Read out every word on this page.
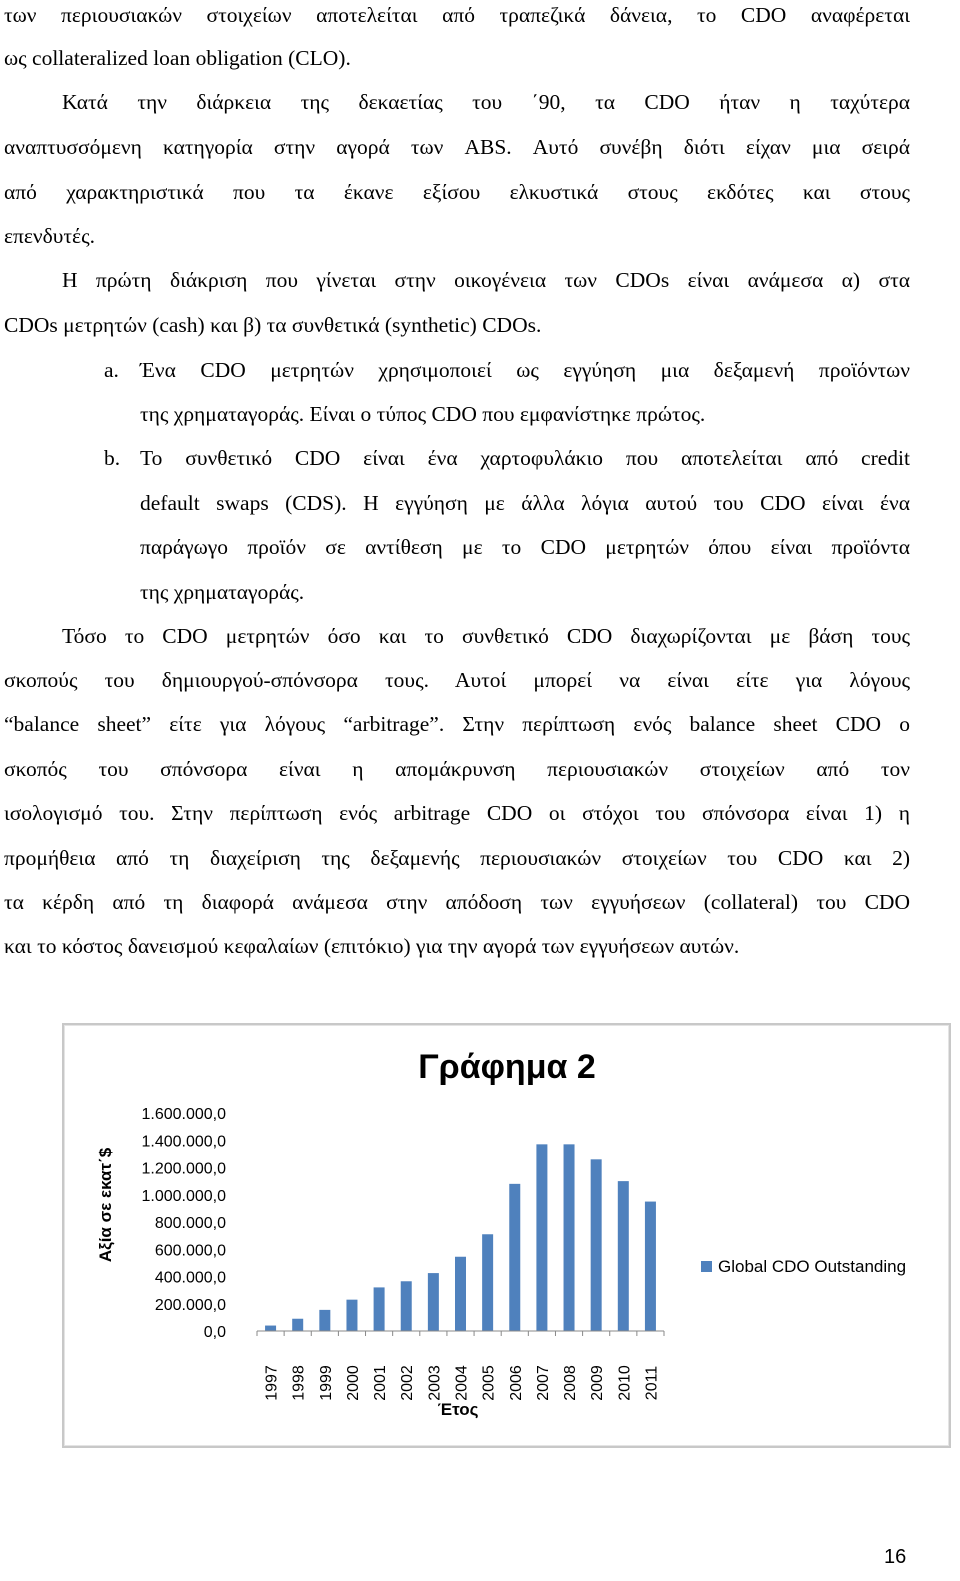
των περιουσιακών στοιχείων αποτελείται από τραπεζικά δάνεια, το CDO αναφέρεται
ως collateralized loan obligation (CLO).
Κατά την διάρκεια της δεκαετίας του ΄90, τα CDO ήταν η ταχύτερα
αναπτυσσόμενη κατηγορία στην αγορά των ABS. Αυτό συνέβη διότι είχαν μια σειρά
από χαρακτηριστικά που τα έκανε εξίσου ελκυστικά στους εκδότες και στους
επενδυτές.
Η πρώτη διάκριση που γίνεται στην οικογένεια των CDOs είναι ανάμεσα α) στα
CDOs μετρητών (cash) και β) τα συνθετικά (synthetic) CDOs.
a. Ένα CDO μετρητών χρησιμοποιεί ως εγγύηση μια δεξαμενή προϊόντων
της χρηματαγοράς. Είναι ο τύπος CDO που εμφανίστηκε πρώτος.
b. Το συνθετικό CDO είναι ένα χαρτοφυλάκιο που αποτελείται από credit
default swaps (CDS). Η εγγύηση με άλλα λόγια αυτού του CDO είναι ένα
παράγωγο προϊόν σε αντίθεση με το CDO μετρητών όπου είναι προϊόντα
της χρηματαγοράς.
Τόσο το CDO μετρητών όσο και το συνθετικό CDO διαχωρίζονται με βάση τους
σκοπούς του δημιουργού-σπόνσορα τους. Αυτοί μπορεί να είναι είτε για λόγους
“balance sheet” είτε για λόγους “arbitrage”. Στην περίπτωση ενός balance sheet CDO ο
σκοπός του σπόνσορα είναι η απομάκρυνση περιουσιακών στοιχείων από τον
ισολογισμό του. Στην περίπτωση ενός arbitrage CDO οι στόχοι του σπόνσορα είναι 1) η
προμήθεια από τη διαχείριση της δεξαμενής περιουσιακών στοιχείων του CDO και 2)
τα κέρδη από τη διαφορά ανάμεσα στην απόδοση των εγγυήσεων (collateral) του CDO
και το κόστος δανεισμού κεφαλαίων (επιτόκιο) για την αγορά των εγγυήσεων αυτών.
Γράφημα 2
Αξία σε εκατ΄$
Έτος
1.600.000,0
1.400.000,0
1.200.000,0
1.000.000,0
800.000,0
600.000,0
400.000,0
200.000,0
0,0
1997 1998 1999 2000 2001 2002 2003 2004 2005 2006 2007 2008 2009 2010 2011
Global CDO Outstanding
16
